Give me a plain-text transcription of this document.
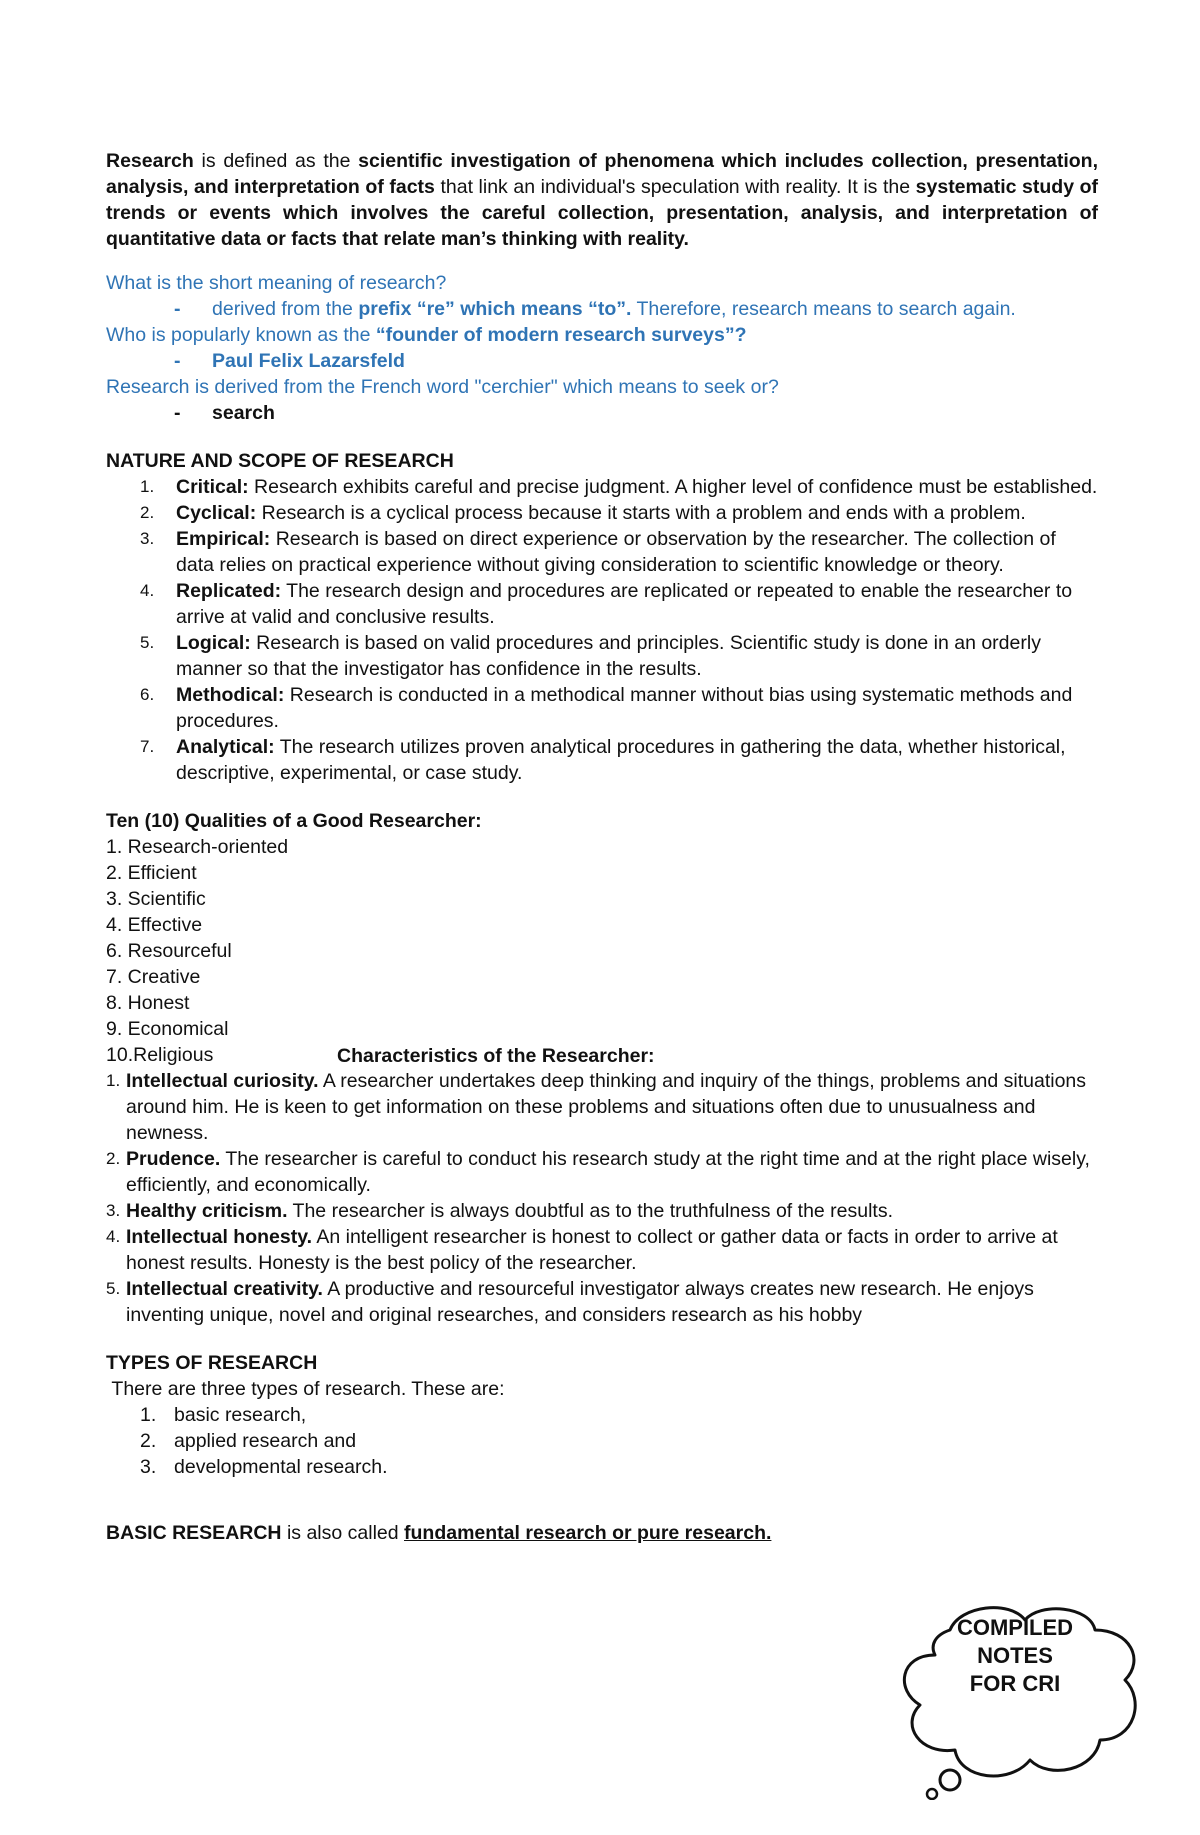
Research is defined as the scientific investigation of phenomena which includes collection, presentation, analysis, and interpretation of facts that link an individual's speculation with reality. It is the systematic study of trends or events which involves the careful collection, presentation, analysis, and interpretation of quantitative data or facts that relate man’s thinking with reality.

What is the short meaning of research?

- derived from the prefix “re” which means “to”. Therefore, research means to search again.

Who is popularly known as the “founder of modern research surveys”?

- Paul Felix Lazarsfeld

Research is derived from the French word "cerchier" which means to seek or?

- search

NATURE AND SCOPE OF RESEARCH

1. Critical: Research exhibits careful and precise judgment. A higher level of confidence must be established.
2. Cyclical: Research is a cyclical process because it starts with a problem and ends with a problem.
3. Empirical: Research is based on direct experience or observation by the researcher. The collection of data relies on practical experience without giving consideration to scientific knowledge or theory.
4. Replicated: The research design and procedures are replicated or repeated to enable the researcher to arrive at valid and conclusive results.
5. Logical: Research is based on valid procedures and principles. Scientific study is done in an orderly manner so that the investigator has confidence in the results.
6. Methodical: Research is conducted in a methodical manner without bias using systematic methods and procedures.
7. Analytical: The research utilizes proven analytical procedures in gathering the data, whether historical, descriptive, experimental, or case study.

Ten (10) Qualities of a Good Researcher:

1. Research-oriented

2. Efficient

3. Scientific

4. Effective

6. Resourceful

7. Creative

8. Honest

9. Economical

10.Religious	Characteristics of the Researcher:
1. Intellectual curiosity. A researcher undertakes deep thinking and inquiry of the things, problems and situations around him. He is keen to get information on these problems and situations often due to unusualness and newness.
2. Prudence. The researcher is careful to conduct his research study at the right time and at the right place wisely, efficiently, and economically.
3. Healthy criticism. The researcher is always doubtful as to the truthfulness of the results.
4. Intellectual honesty. An intelligent researcher is honest to collect or gather data or facts in order to arrive at honest results. Honesty is the best policy of the researcher.
5. Intellectual creativity. A productive and resourceful investigator always creates new research. He enjoys inventing unique, novel and original researches, and considers research as his hobby

TYPES OF RESEARCH

There are three types of research. These are:

1. basic research,
2. applied research and
3. developmental research.

BASIC RESEARCH is also called fundamental research or pure research.

COMPILED
NOTES
FOR CRI
